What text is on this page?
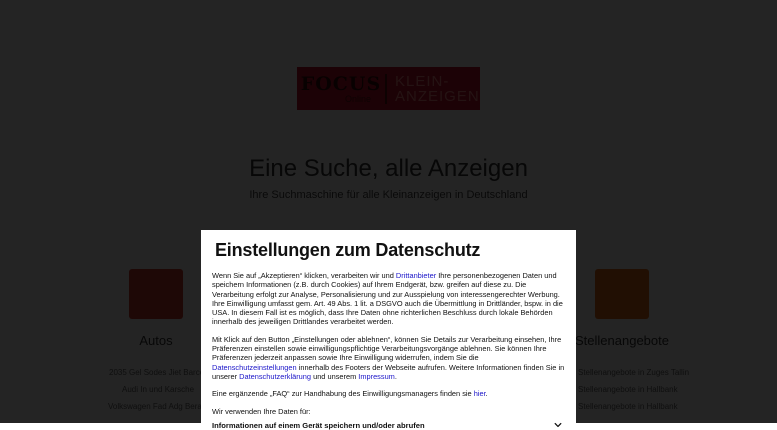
Einstellungen zum Datenschutz

Wenn Sie auf „Akzeptieren“ klicken, verarbeiten wir und Drittanbieter Ihre personenbezogenen Daten und speichern Informationen (z.B. durch Cookies) auf Ihrem Endgerät, bzw. greifen auf diese zu. Die Verarbeitung erfolgt zur Analyse, Personalisierung und zur Ausspielung von interessengerechter Werbung. Ihre Einwilligung umfasst gem. Art. 49 Abs. 1 lit. a DSGVO auch die Übermittlung in Drittländer, bspw. in die USA. In diesem Fall ist es möglich, dass Ihre Daten ohne richterlichen Beschluss durch lokale Behörden innerhalb des jeweiligen Drittlandes verarbeitet werden.

Mit Klick auf den Button „Einstellungen oder ablehnen“, können Sie Details zur Verarbeitung einsehen, Ihre Präferenzen einstellen sowie einwilligungspflichtige Verarbeitungsvorgänge ablehnen. Sie können Ihre Präferenzen jederzeit anpassen sowie Ihre Einwilligung widerrufen, indem Sie die Datenschutzeinstellungen innerhalb des Footers der Webseite aufrufen. Weitere Informationen finden Sie in unserer Datenschutzerklärung und unserem Impressum.

Eine ergänzende „FAQ“ zur Handhabung des Einwilligungsmanagers finden sie hier.

Wir verwenden Ihre Daten für:

Informationen auf einem Gerät speichern und/oder abrufen
